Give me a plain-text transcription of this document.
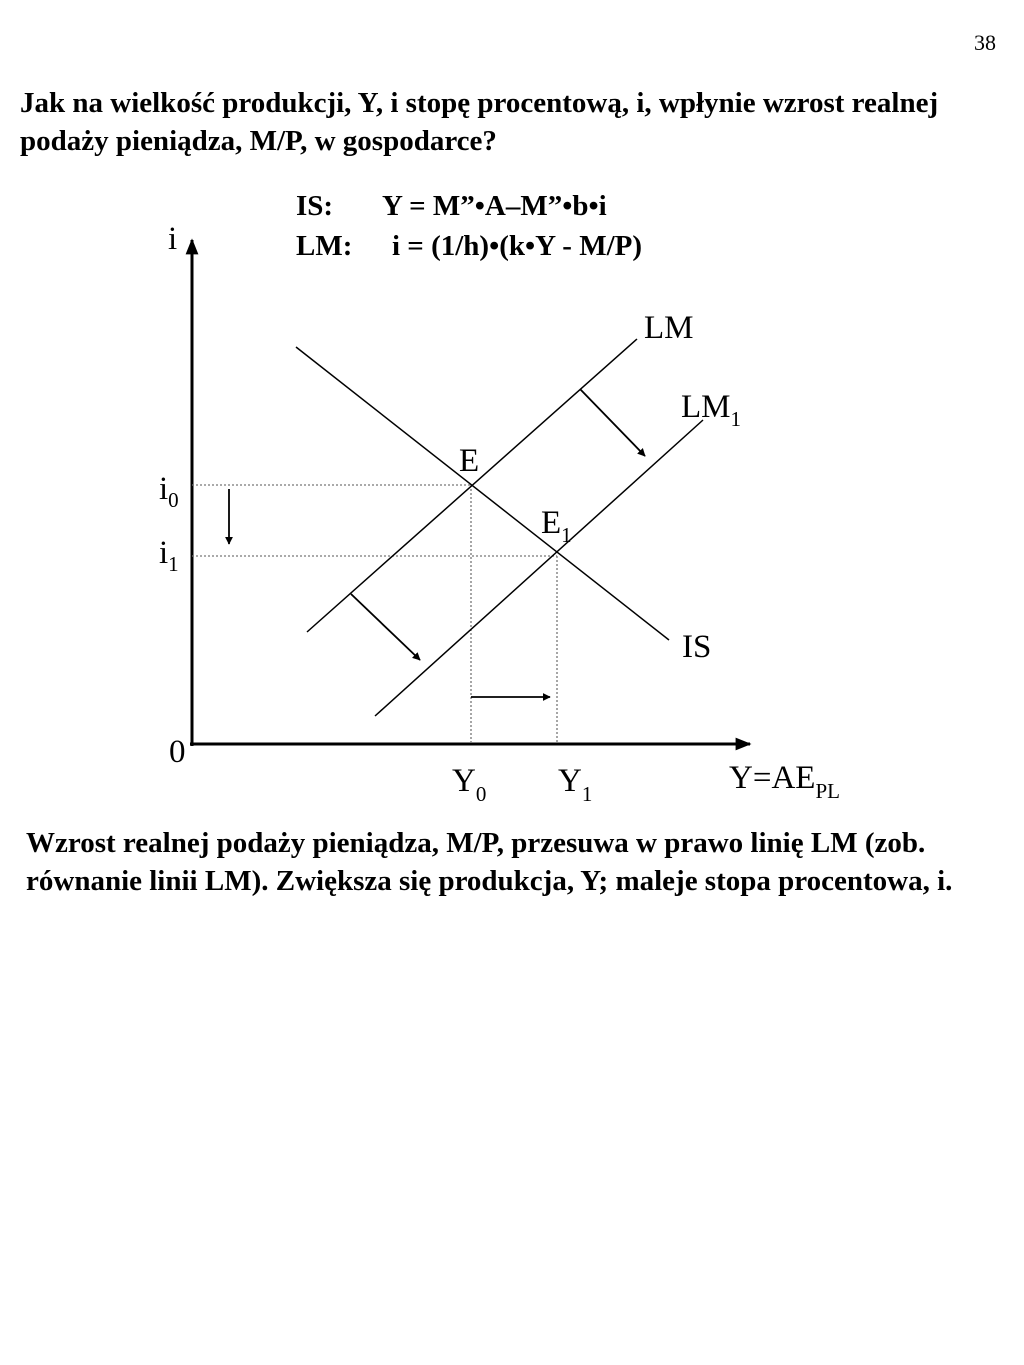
38
Jak na wielkość produkcji, Y, i stopę procentową, i, wpłynie wzrost realnej podaży pieniądza, M/P, w gospodarce?
IS: Y = M”•A–M”•b•i
LM: i = (1/h)•(k•Y - M/P)
i
0
$Y=AE_{PL}$
LM
$LM_1$
IS
E
$E_1$
$i_0$
$i_1$
$Y_0$ $Y_1$
Wzrost realnej podaży pieniądza, M/P, przesuwa w prawo linię LM (zob. równanie linii LM). Zwiększa się produkcja, Y; maleje stopa procentowa, i.
